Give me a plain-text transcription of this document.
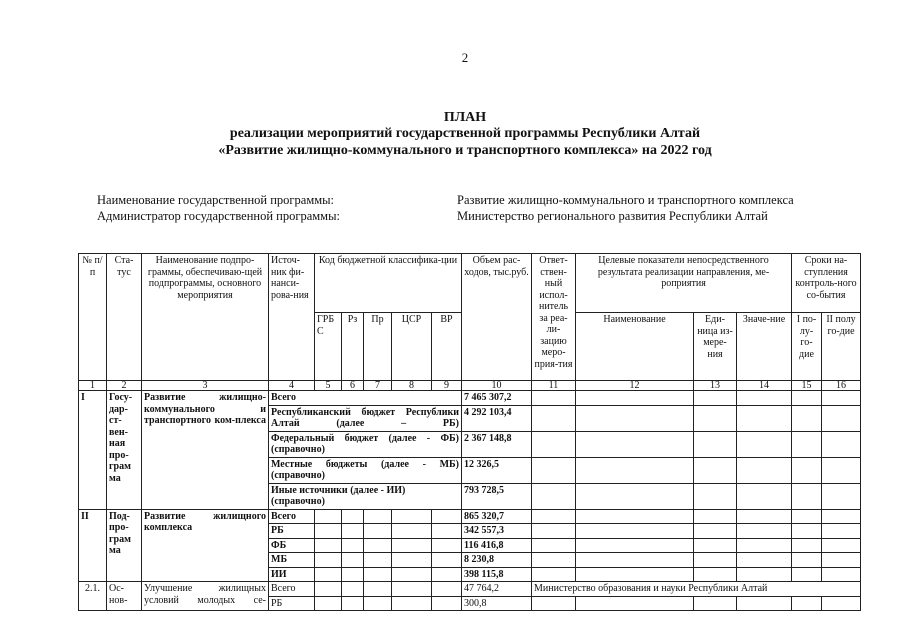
2
ПЛАН
реализации мероприятий государственной программы Республики Алтай
«Развитие жилищно-коммунального и транспортного комплекса» на 2022 год
Наименование государственной программы:	Развитие жилищно-коммунального и транспортного комплекса
Администратор государственной программы:	Министерство регионального развития Республики Алтай
№ п/п	Ста-тус	Наименование подпро-граммы, обеспечиваю-щей подпрограммы, основного мероприятия	Источ-ник фи-нанси-рова-ния	Код бюджетной классифика-ции					Объем рас-ходов, тыс.руб.	Ответ-ствен-ный испол-нитель за реа-ли-зацию меро-прия-тия	Целевые показатели непосредственного результата реализации направления, ме-роприятия			Сроки на-ступления контроль-ного со-бытия	
				ГРБ С	Рз	Пр	ЦСР	ВР			Наименование	Еди-ница из-мере-ния	Значе-ние	I по-лу-го-дие	II полу го-дие
1	2	3	4	5	6	7	8	9	10	11	12	13	14	15	16
I	Госу-дар-ст-вен-ная про-грам ма	Развитие жилищно-коммунального и транспортного ком-плекса	Всего						7 465 307,2						
			Республиканский бюджет Республики Алтай (далее – РБ)						4 292 103,4						
			Федеральный бюджет (далее - ФБ) (справочно)						2 367 148,8						
			Местные бюджеты (далее - МБ) (справочно)						12 326,5						
			Иные источники (далее - ИИ) (справочно)						793 728,5						
II	Под-про-грам ма	Развитие жилищного комплекса	Всего						865 320,7						
			РБ						342 557,3						
			ФБ						116 416,8						
			МБ						8 230,8						
			ИИ						398 115,8						
2.1.	Ос-нов-	Улучшение жилищных условий молодых се-	Всего						47 764,2	Министерство образования и науки Республики Алтай					
			РБ						300,8						
